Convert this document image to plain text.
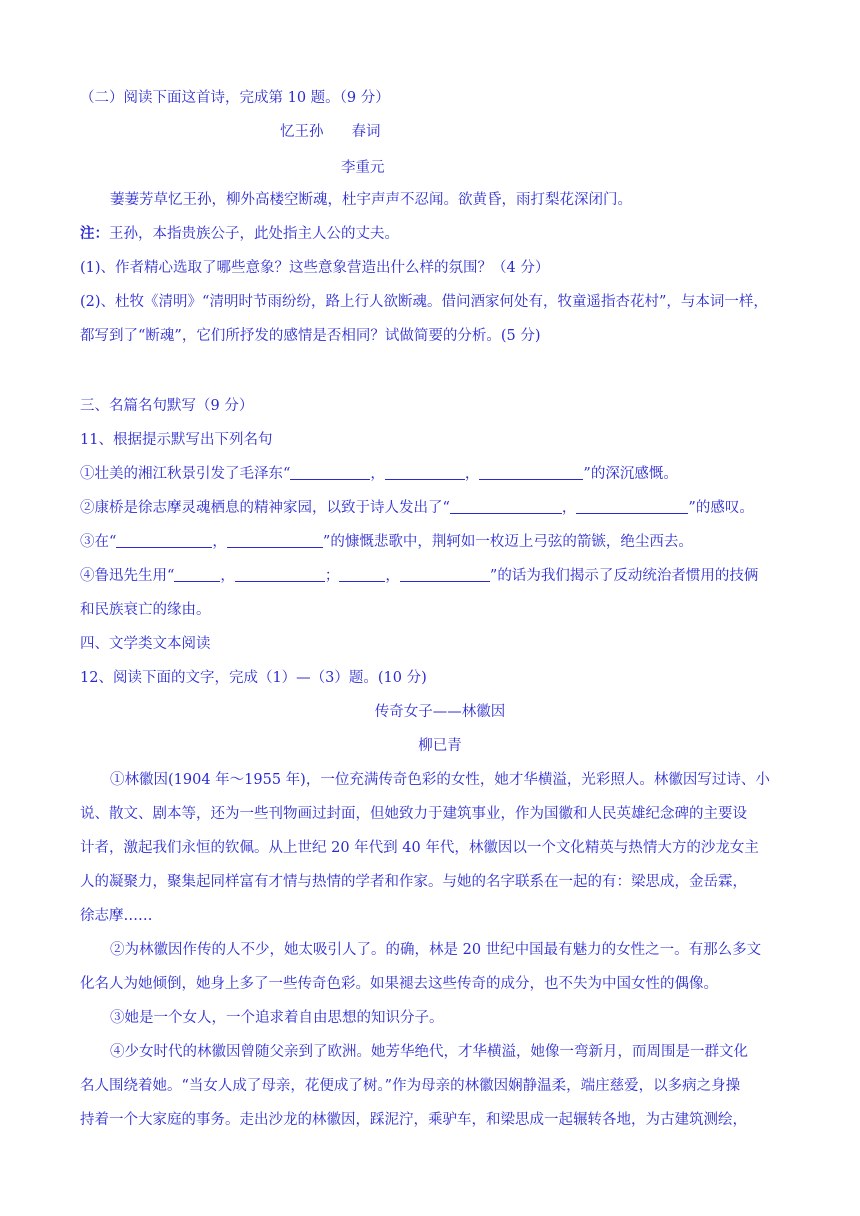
（二）阅读下面这首诗，完成第 10 题。（9 分）
忆王孙 春词
李重元
萋萋芳草忆王孙，柳外高楼空断魂，杜宇声声不忍闻。欲黄昏，雨打梨花深闭门。
注：王孙，本指贵族公子，此处指主人公的丈夫。
(1)、作者精心选取了哪些意象？这些意象营造出什么样的氛围？（4 分）
(2)、杜牧《清明》“清明时节雨纷纷，路上行人欲断魂。借问酒家何处有，牧童遥指杏花村”，与本词一样，
都写到了“断魂”，它们所抒发的感情是否相同？试做简要的分析。(5 分)
三、名篇名句默写（9 分）
11、根据提示默写出下列名句
①壮美的湘江秋景引发了毛泽东“	，	，	”的深沉感慨。
②康桥是徐志摩灵魂栖息的精神家园，以致于诗人发出了“	，	”的感叹。
③在“	，	”的慷慨悲歌中，荆轲如一枚迈上弓弦的箭镞，绝尘西去。
④鲁迅先生用“	，	；	，	”的话为我们揭示了反动统治者惯用的技俩
和民族衰亡的缘由。
四、文学类文本阅读
12、阅读下面的文字，完成（1）—（3）题。(10 分)
传奇女子——林徽因
柳已青
①林徽因(1904 年～1955 年)，一位充满传奇色彩的女性，她才华横溢，光彩照人。林徽因写过诗、小
说、散文、剧本等，还为一些刊物画过封面，但她致力于建筑事业，作为国徽和人民英雄纪念碑的主要设
计者，激起我们永恒的钦佩。从上世纪 20 年代到 40 年代，林徽因以一个文化精英与热情大方的沙龙女主
人的凝聚力，聚集起同样富有才情与热情的学者和作家。与她的名字联系在一起的有：梁思成，金岳霖，
徐志摩……
②为林徽因作传的人不少，她太吸引人了。的确，林是 20 世纪中国最有魅力的女性之一。有那么多文
化名人为她倾倒，她身上多了一些传奇色彩。如果褪去这些传奇的成分，也不失为中国女性的偶像。
③她是一个女人，一个追求着自由思想的知识分子。
④少女时代的林徽因曾随父亲到了欧洲。她芳华绝代，才华横溢，她像一弯新月，而周围是一群文化
名人围绕着她。“当女人成了母亲，花便成了树。”作为母亲的林徽因娴静温柔，端庄慈爱，以多病之身操
持着一个大家庭的事务。走出沙龙的林徽因，踩泥泞，乘驴车，和梁思成一起辗转各地，为古建筑测绘，
